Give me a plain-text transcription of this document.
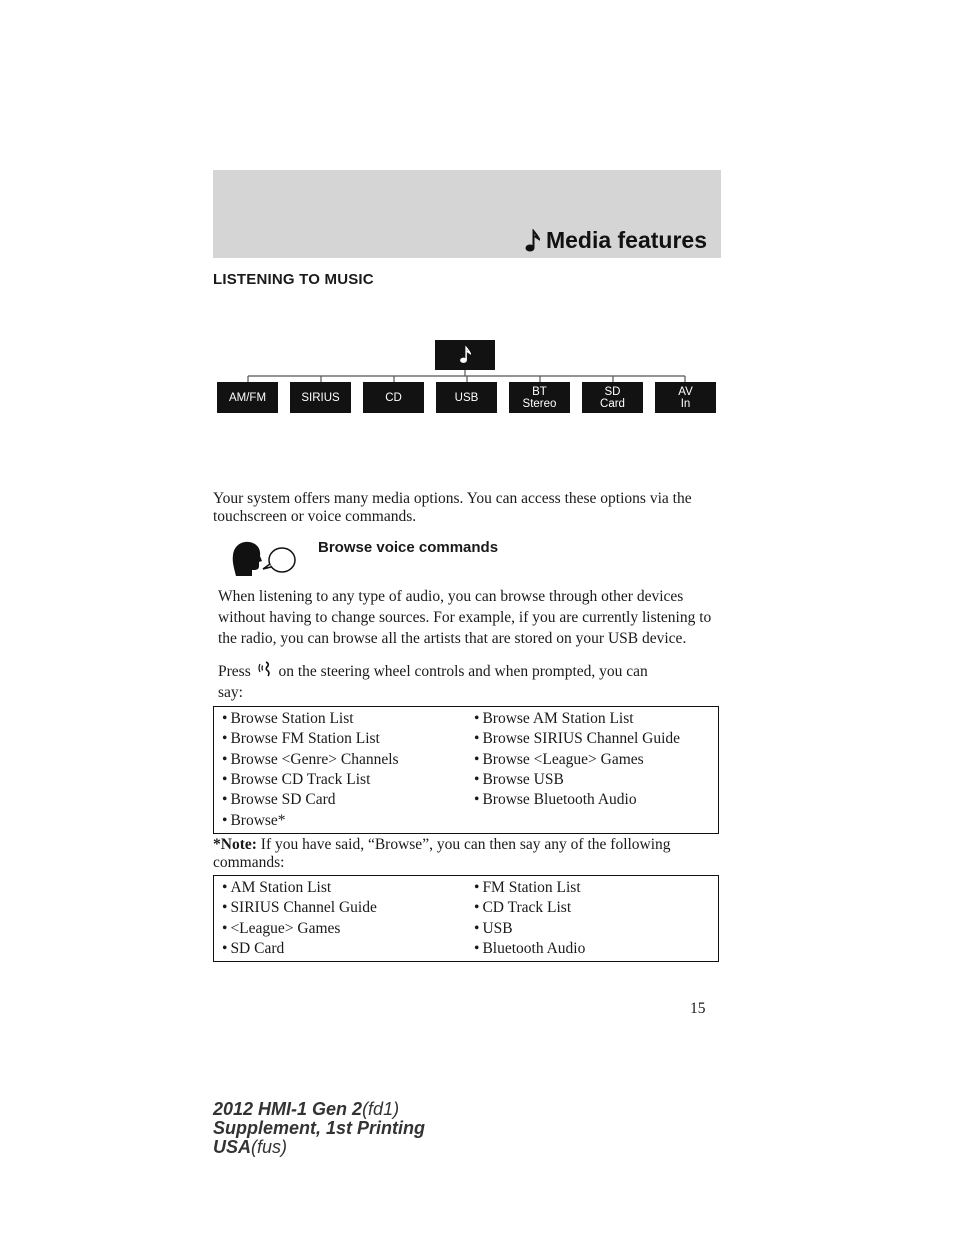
Media features
LISTENING TO MUSIC
AM/FM	SIRIUS	CD	USB	BT
Stereo
SD
Card
AV
In
Your system offers many media options. You can access these options via the touchscreen or voice commands.
Browse voice commands
When listening to any type of audio, you can browse through other devices without having to change sources. For example, if you are currently listening to the radio, you can browse all the artists that are stored on your USB device.
Press on the steering wheel controls and when prompted, you can
say:
• Browse Station List	• Browse AM Station List
• Browse FM Station List	• Browse SIRIUS Channel Guide
• Browse <Genre> Channels	• Browse <League> Games
• Browse CD Track List	• Browse USB
• Browse SD Card	• Browse Bluetooth Audio
• Browse*
*Note: If you have said, “Browse”, you can then say any of the following commands:
• AM Station List	• FM Station List
• SIRIUS Channel Guide	• CD Track List
• <League> Games	• USB
• SD Card	• Bluetooth Audio
15
2012 HMI-1 Gen 2(fd1)
Supplement, 1st Printing
USA(fus)
